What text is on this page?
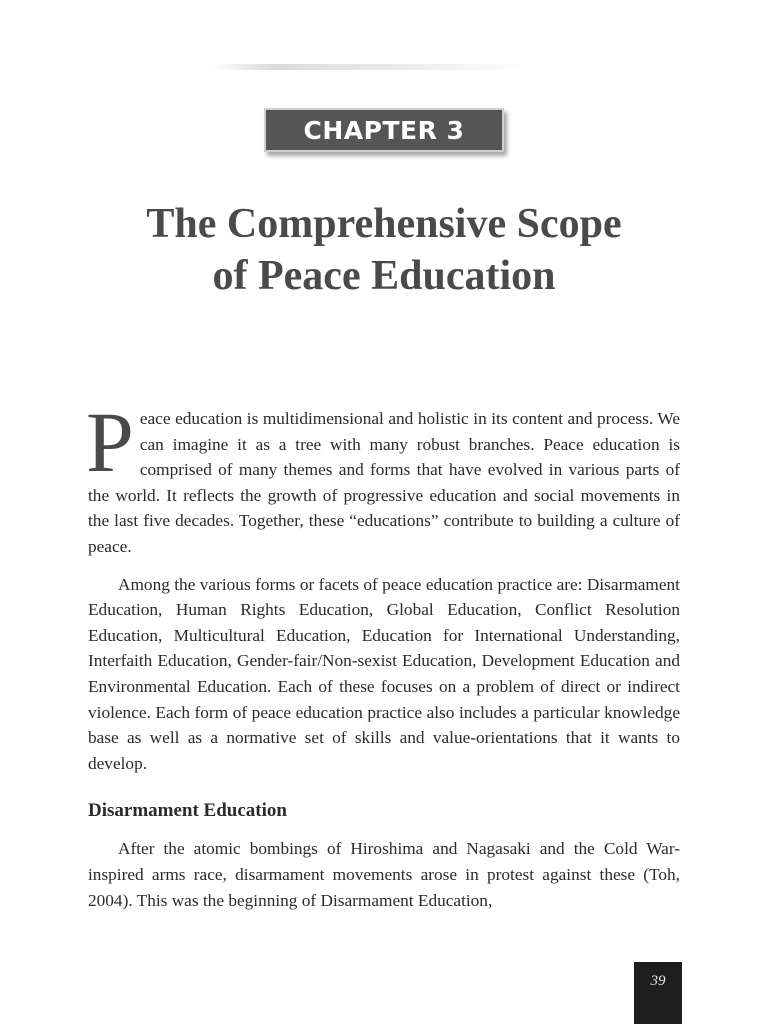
CHAPTER 3
The Comprehensive Scope
of Peace Education

Peace education is multidimensional and holistic in its content and process. We can imagine it as a tree with many robust branches. Peace education is comprised of many themes and forms that have evolved in various parts of the world. It reflects the growth of progressive education and social movements in the last five decades. Together, these “educations” contribute to building a culture of peace.

Among the various forms or facets of peace education practice are: Disarmament Education, Human Rights Education, Global Education, Conflict Resolution Education, Multicultural Education, Education for International Understanding, Interfaith Education, Gender-fair/Non-sexist Education, Development Education and Environmental Education. Each of these focuses on a problem of direct or indirect violence. Each form of peace education practice also includes a particular knowledge base as well as a normative set of skills and value-orientations that it wants to develop.

Disarmament Education

After the atomic bombings of Hiroshima and Nagasaki and the Cold War-inspired arms race, disarmament movements arose in protest against these (Toh, 2004). This was the beginning of Disarmament Education,

39
